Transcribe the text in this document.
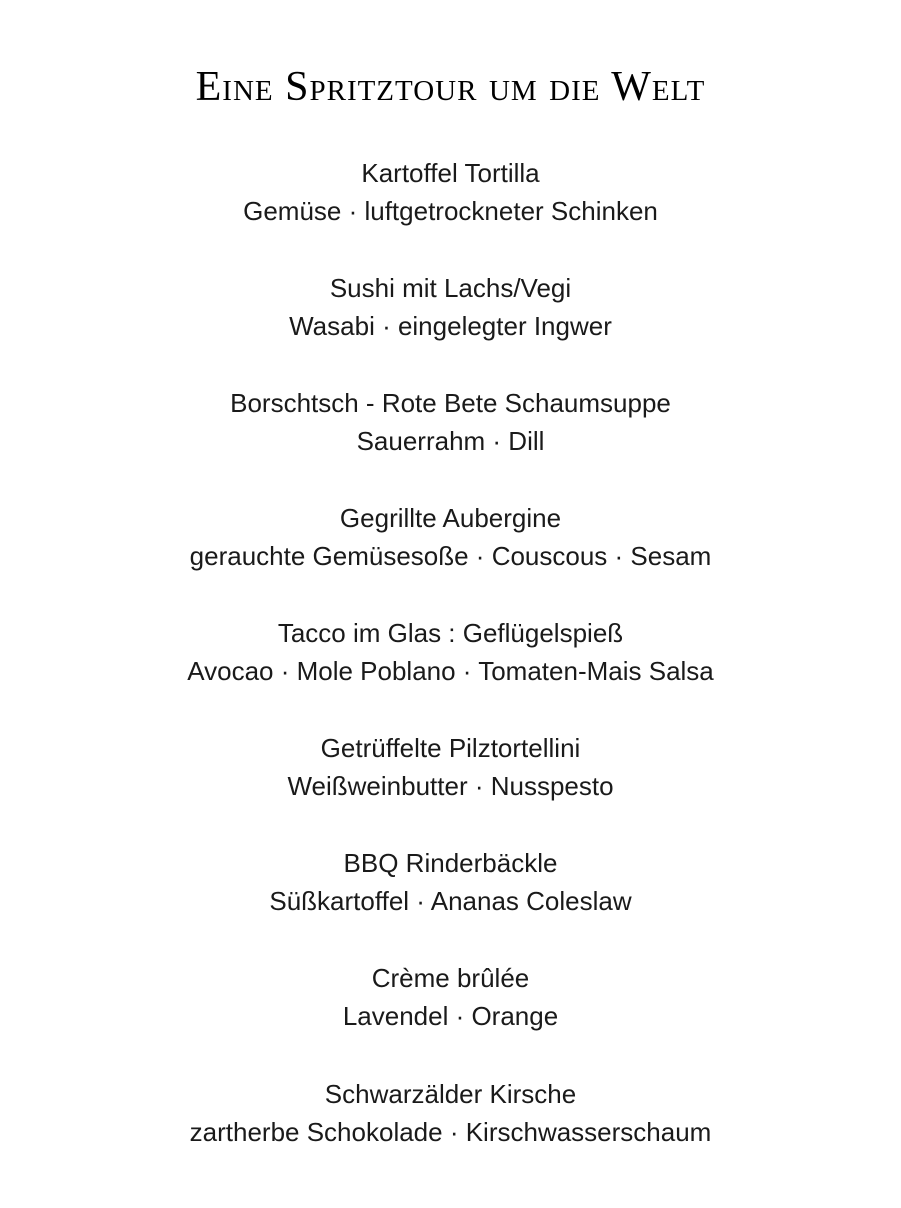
Eine Spritztour um die Welt
Kartoffel Tortilla
Gemüse · luftgetrockneter Schinken
Sushi mit Lachs/Vegi
Wasabi · eingelegter Ingwer
Borschtsch - Rote Bete Schaumsuppe
Sauerrahm · Dill
Gegrillte Aubergine
gerauchte Gemüsesoße · Couscous · Sesam
Tacco im Glas : Geflügelspieß
Avocao · Mole Poblano · Tomaten-Mais Salsa
Getrüffelte Pilztortellini
Weißweinbutter · Nusspesto
BBQ Rinderbäckle
Süßkartoffel · Ananas Coleslaw
Crème brûlée
Lavendel · Orange
Schwarzälder Kirsche
zartherbe Schokolade · Kirschwasserschaum
